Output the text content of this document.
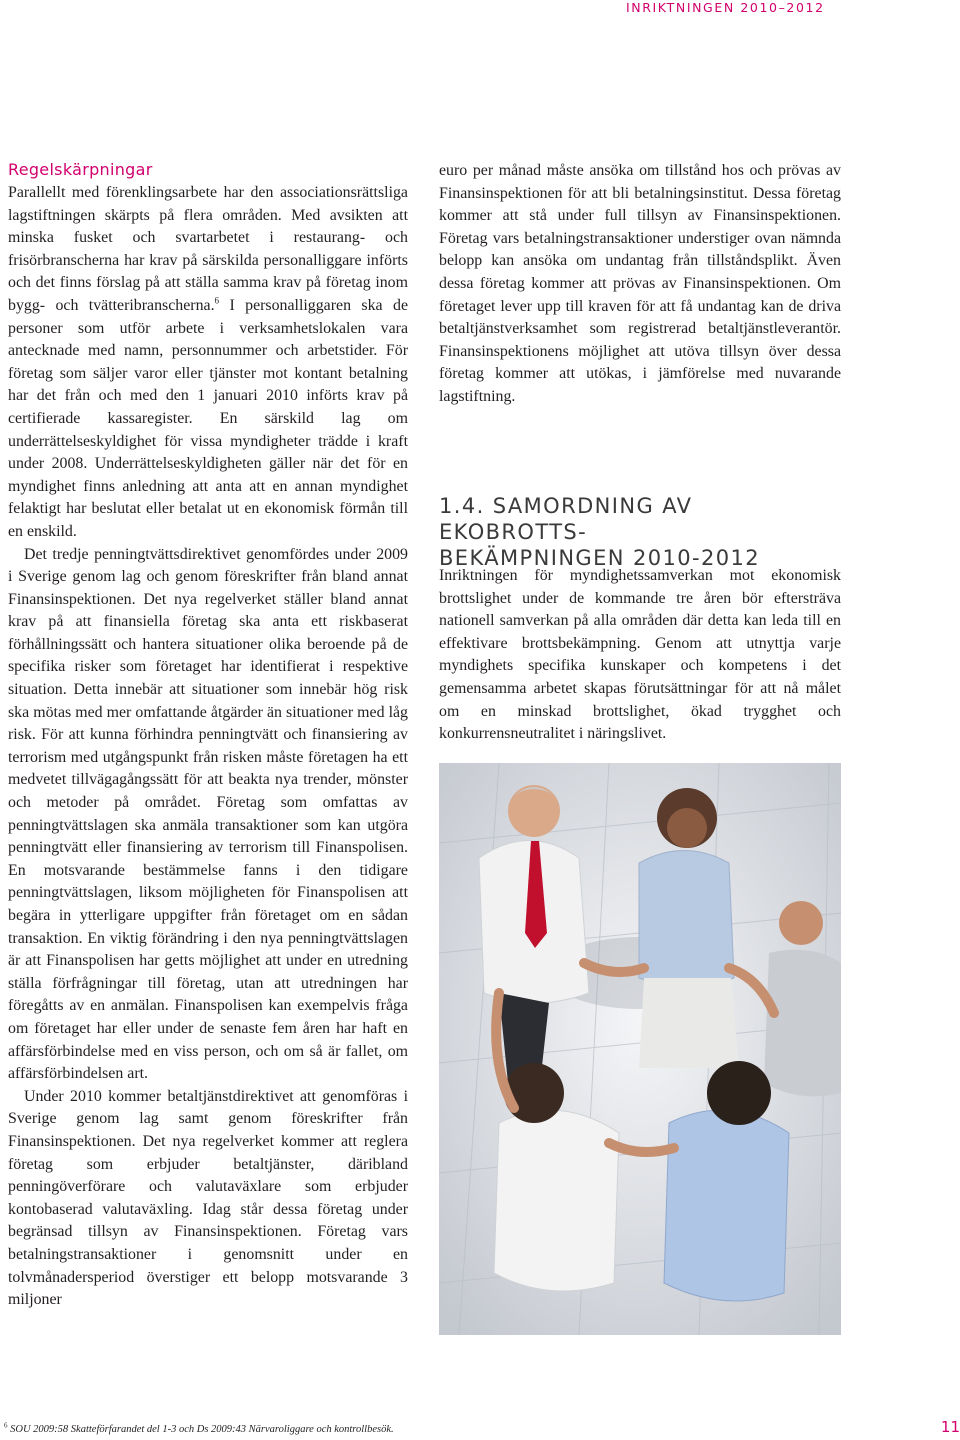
INRIKTNINGEN 2010–2012
Regelskärpningar

Parallellt med förenklingsarbete har den associationsrättsliga lagstiftningen skärpts på flera områden. Med avsikten att minska fusket och svartarbetet i restaurang- och frisörbranscherna har krav på särskilda personalliggare införts och det finns förslag på att ställa samma krav på företag inom bygg- och tvätteribranscherna.$^6$ I personalliggaren ska de personer som utför arbete i verksamhetslokalen vara antecknade med namn, personnummer och arbetstider. För företag som säljer varor eller tjänster mot kontant betalning har det från och med den 1 januari 2010 införts krav på certifierade kassaregister. En särskild lag om underrättelseskyldighet för vissa myndigheter trädde i kraft under 2008. Underrättelseskyldigheten gäller när det för en myndighet finns anledning att anta att en annan myndighet felaktigt har beslutat eller betalat ut en ekonomisk förmån till en enskild.

Det tredje penningtvättsdirektivet genomfördes under 2009 i Sverige genom lag och genom föreskrifter från bland annat Finansinspektionen. Det nya regelverket ställer bland annat krav på att finansiella företag ska anta ett riskbaserat förhållningssätt och hantera situationer olika beroende på de specifika risker som företaget har identifierat i respektive situation. Detta innebär att situationer som innebär hög risk ska mötas med mer omfattande åtgärder än situationer med låg risk. För att kunna förhindra penningtvätt och finansiering av terrorism med utgångspunkt från risken måste företagen ha ett medvetet tillvägagångssätt för att beakta nya trender, mönster och metoder på området. Företag som omfattas av penningtvättslagen ska anmäla transaktioner som kan utgöra penningtvätt eller finansiering av terrorism till Finanspolisen. En motsvarande bestämmelse fanns i den tidigare penningtvättslagen, liksom möjligheten för Finanspolisen att begära in ytterligare uppgifter från företaget om en sådan transaktion. En viktig förändring i den nya penningtvättslagen är att Finanspolisen har getts möjlighet att under en utredning ställa förfrågningar till företag, utan att utredningen har föregåtts av en anmälan. Finanspolisen kan exempelvis fråga om företaget har eller under de senaste fem åren har haft en affärsförbindelse med en viss person, och om så är fallet, om affärsförbindelsen art.

Under 2010 kommer betaltjänstdirektivet att genomföras i Sverige genom lag samt genom föreskrifter från Finansinspektionen. Det nya regelverket kommer att reglera företag som erbjuder betaltjänster, däribland penningöverförare och valutaväxlare som erbjuder kontobaserad valutaväxling. Idag står dessa företag under begränsad tillsyn av Finansinspektionen. Företag vars betalningstransaktioner i genomsnitt under en tolvmånadersperiod överstiger ett belopp motsvarande 3 miljoner

euro per månad måste ansöka om tillstånd hos och prövas av Finansinspektionen för att bli betalningsinstitut. Dessa företag kommer att stå under full tillsyn av Finansinspektionen. Företag vars betalningstransaktioner understiger ovan nämnda belopp kan ansöka om undantag från tillståndsplikt. Även dessa företag kommer att prövas av Finansinspektionen. Om företaget lever upp till kraven för att få undantag kan de driva betaltjänstverksamhet som registrerad betaltjänstleverantör. Finansinspektionens möjlighet att utöva tillsyn över dessa företag kommer att utökas, i jämförelse med nuvarande lagstiftning.

1.4. SAMORDNING AV EKOBROTTS-
BEKÄMPNINGEN 2010-2012

Inriktningen för myndighetssamverkan mot ekonomisk brottslighet under de kommande tre åren bör eftersträva nationell samverkan på alla områden där detta kan leda till en effektivare brottsbekämpning. Genom att utnyttja varje myndighets specifika kunskaper och kompetens i det gemensamma arbetet skapas förutsättningar för att nå målet om en minskad brottslighet, ökad trygghet och konkurrensneutralitet i näringslivet.

$^6$ SOU 2009:58 Skatteförfarandet del 1-3 och Ds 2009:43 Närvaroliggare och kontrollbesök.	11
